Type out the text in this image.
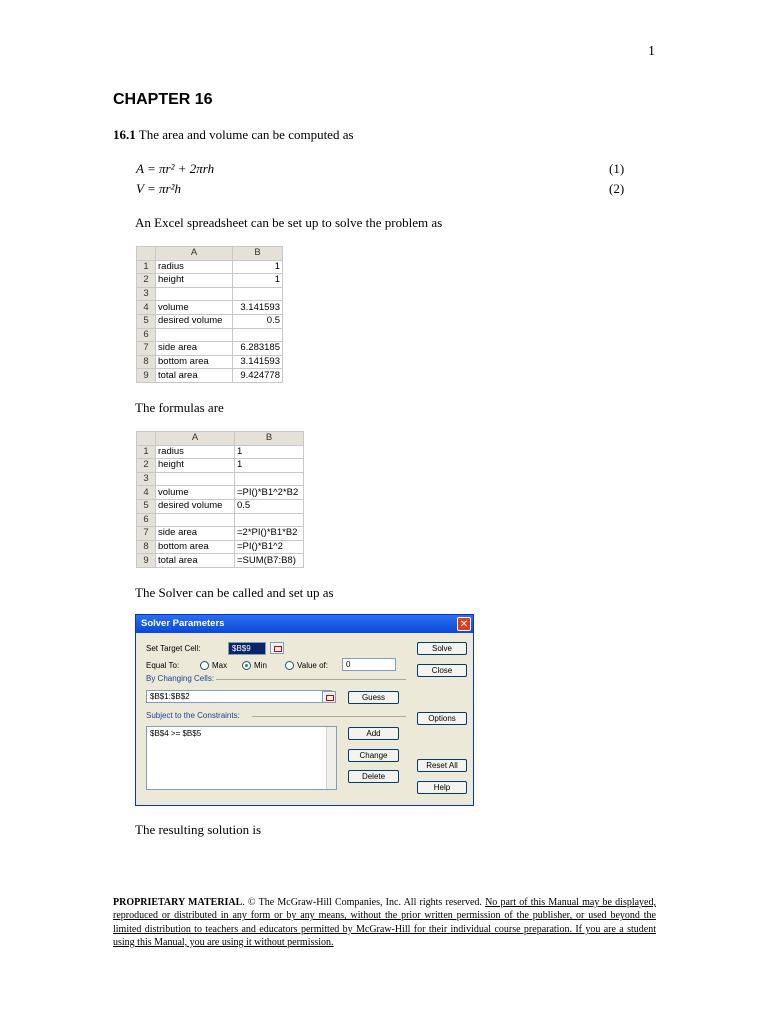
1
CHAPTER 16
16.1 The area and volume can be computed as
A = πr² + 2πrh	(1)
V = πr²h	(2)
An Excel spreadsheet can be set up to solve the problem as
	A	B
1	radius	1
2	height	1
3		
4	volume	3.141593
5	desired volume	0.5
6		
7	side area	6.283185
8	bottom area	3.141593
9	total area	9.424778
The formulas are
	A	B
1	radius	1
2	height	1
3		
4	volume	=PI()*B1^2*B2
5	desired volume	0.5
6		
7	side area	=2*PI()*B1*B2
8	bottom area	=PI()*B1^2
9	total area	=SUM(B7:B8)
The Solver can be called and set up as
Solver Parameters	✕
Set Target Cell:	$B$9
Equal To:	Max	Min	Value of:	0
By Changing Cells:
$B$1:$B$2	Guess
Subject to the Constraints:
$B$4 >= $B$5	Add
Change
Delete
Solve
Close
Options
Reset All
Help
The resulting solution is
PROPRIETARY MATERIAL. © The McGraw-Hill Companies, Inc. All rights reserved. No part of this Manual may be displayed, reproduced or distributed in any form or by any means, without the prior written permission of the publisher, or used beyond the limited distribution to teachers and educators permitted by McGraw-Hill for their individual course preparation. If you are a student using this Manual, you are using it without permission.
